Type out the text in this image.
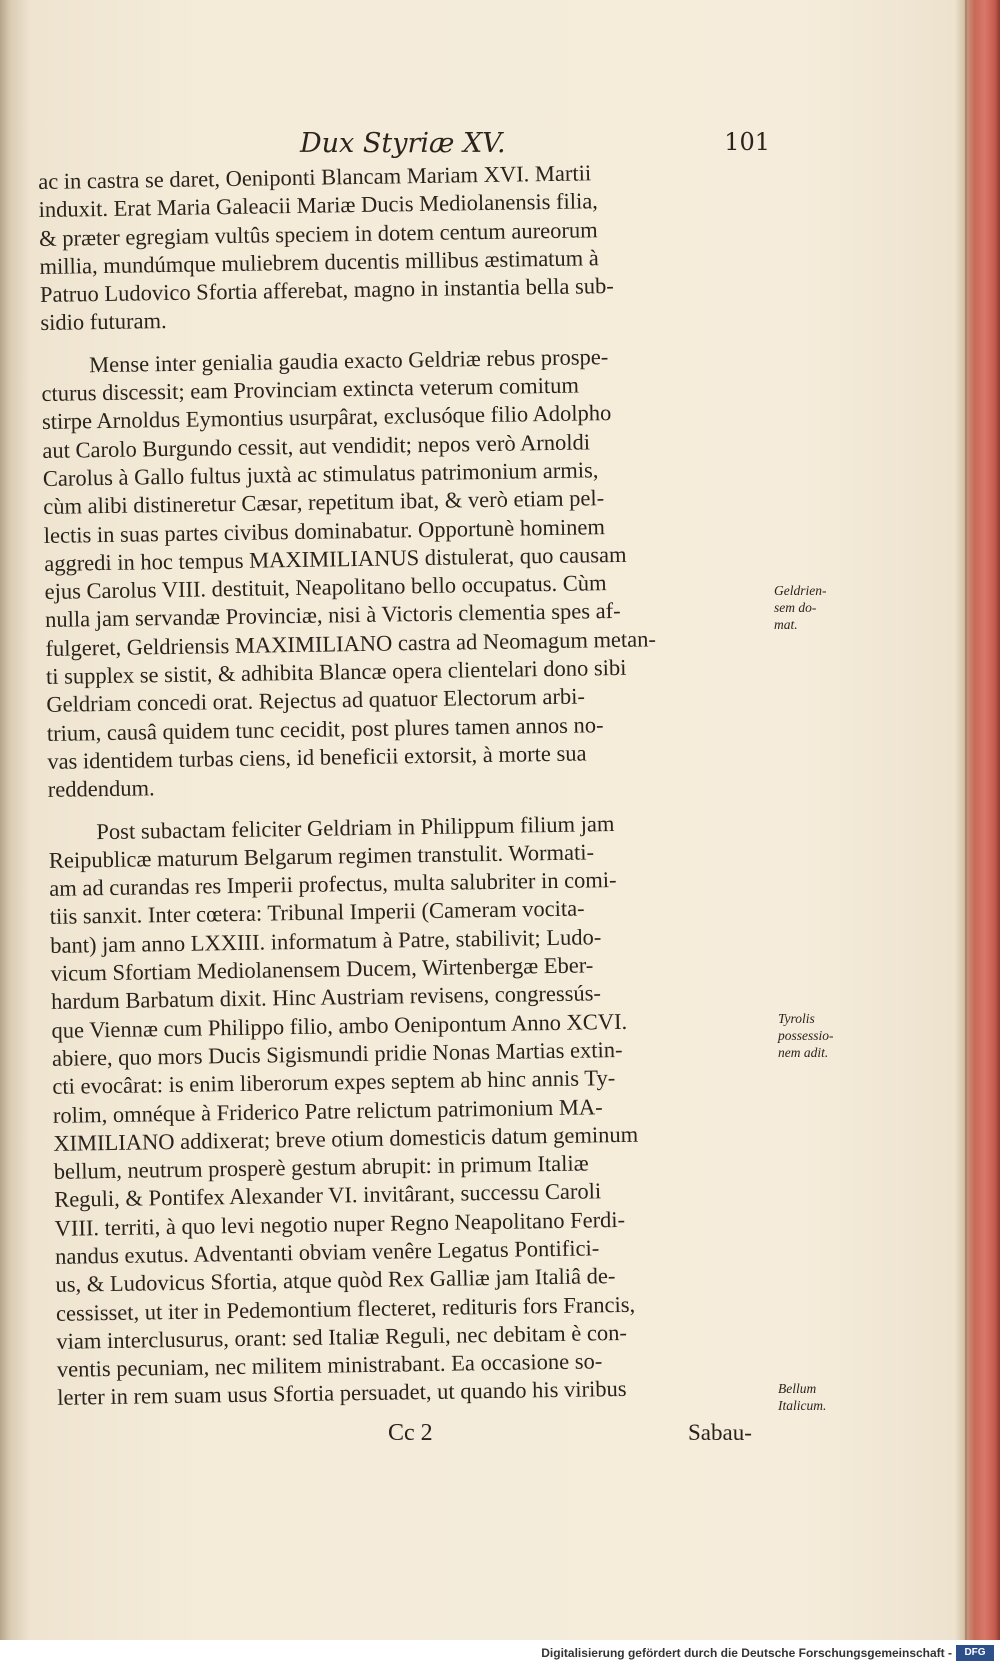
Dux Styriæ XV.	101

ac in castra se daret, Oeniponti Blancam Mariam XVI. Martii

induxit. Erat Maria Galeacii Mariæ Ducis Mediolanensis filia,

& præter egregiam vultûs speciem in dotem centum aureorum

millia, mundúmque muliebrem ducentis millibus æstimatum à

Patruo Ludovico Sfortia afferebat, magno in instantia bella sub-

sidio futuram.

Mense inter genialia gaudia exacto Geldriæ rebus prospe-

cturus discessit; eam Provinciam extincta veterum comitum

stirpe Arnoldus Eymontius usurpârat, exclusóque filio Adolpho

aut Carolo Burgundo cessit, aut vendidit; nepos verò Arnoldi

Carolus à Gallo fultus juxtà ac stimulatus patrimonium armis,

cùm alibi distineretur Cæsar, repetitum ibat, & verò etiam pel-

lectis in suas partes civibus dominabatur. Opportunè hominem

aggredi in hoc tempus MAXIMILIANUS distulerat, quo causam

ejus Carolus VIII. destituit, Neapolitano bello occupatus. Cùm

nulla jam servandæ Provinciæ, nisi à Victoris clementia spes af-

fulgeret, Geldriensis MAXIMILIANO castra ad Neomagum metan-

ti supplex se sistit, & adhibita Blancæ opera clientelari dono sibi

Geldriam concedi orat. Rejectus ad quatuor Electorum arbi-

trium, causâ quidem tunc cecidit, post plures tamen annos no-

vas identidem turbas ciens, id beneficii extorsit, à morte sua

reddendum.

Post subactam feliciter Geldriam in Philippum filium jam

Reipublicæ maturum Belgarum regimen transtulit. Wormati-

am ad curandas res Imperii profectus, multa salubriter in comi-

tiis sanxit. Inter cœtera: Tribunal Imperii (Cameram vocita-

bant) jam anno LXXIII. informatum à Patre, stabilivit; Ludo-

vicum Sfortiam Mediolanensem Ducem, Wirtenbergæ Eber-

hardum Barbatum dixit. Hinc Austriam revisens, congressús-

que Viennæ cum Philippo filio, ambo Oenipontum Anno XCVI.

abiere, quo mors Ducis Sigismundi pridie Nonas Martias extin-

cti evocârat: is enim liberorum expes septem ab hinc annis Ty-

rolim, omnéque à Friderico Patre relictum patrimonium MA-

XIMILIANO addixerat; breve otium domesticis datum geminum

bellum, neutrum prosperè gestum abrupit: in primum Italiæ

Reguli, & Pontifex Alexander VI. invitârant, successu Caroli

VIII. territi, à quo levi negotio nuper Regno Neapolitano Ferdi-

nandus exutus. Adventanti obviam venêre Legatus Pontifici-

us, & Ludovicus Sfortia, atque quòd Rex Galliæ jam Italiâ de-

cessisset, ut iter in Pedemontium flecteret, redituris fors Francis,

viam interclusurus, orant: sed Italiæ Reguli, nec debitam è con-

ventis pecuniam, nec militem ministrabant. Ea occasione so-

lerter in rem suam usus Sfortia persuadet, ut quando his viribus

Geldrien-
sem do-
mat.
Tyrolis
possessio-
nem adit.
Bellum
Italicum.
Cc 2	Sabau-
Digitalisierung gefördert durch die Deutsche Forschungsgemeinschaft -	DFG
